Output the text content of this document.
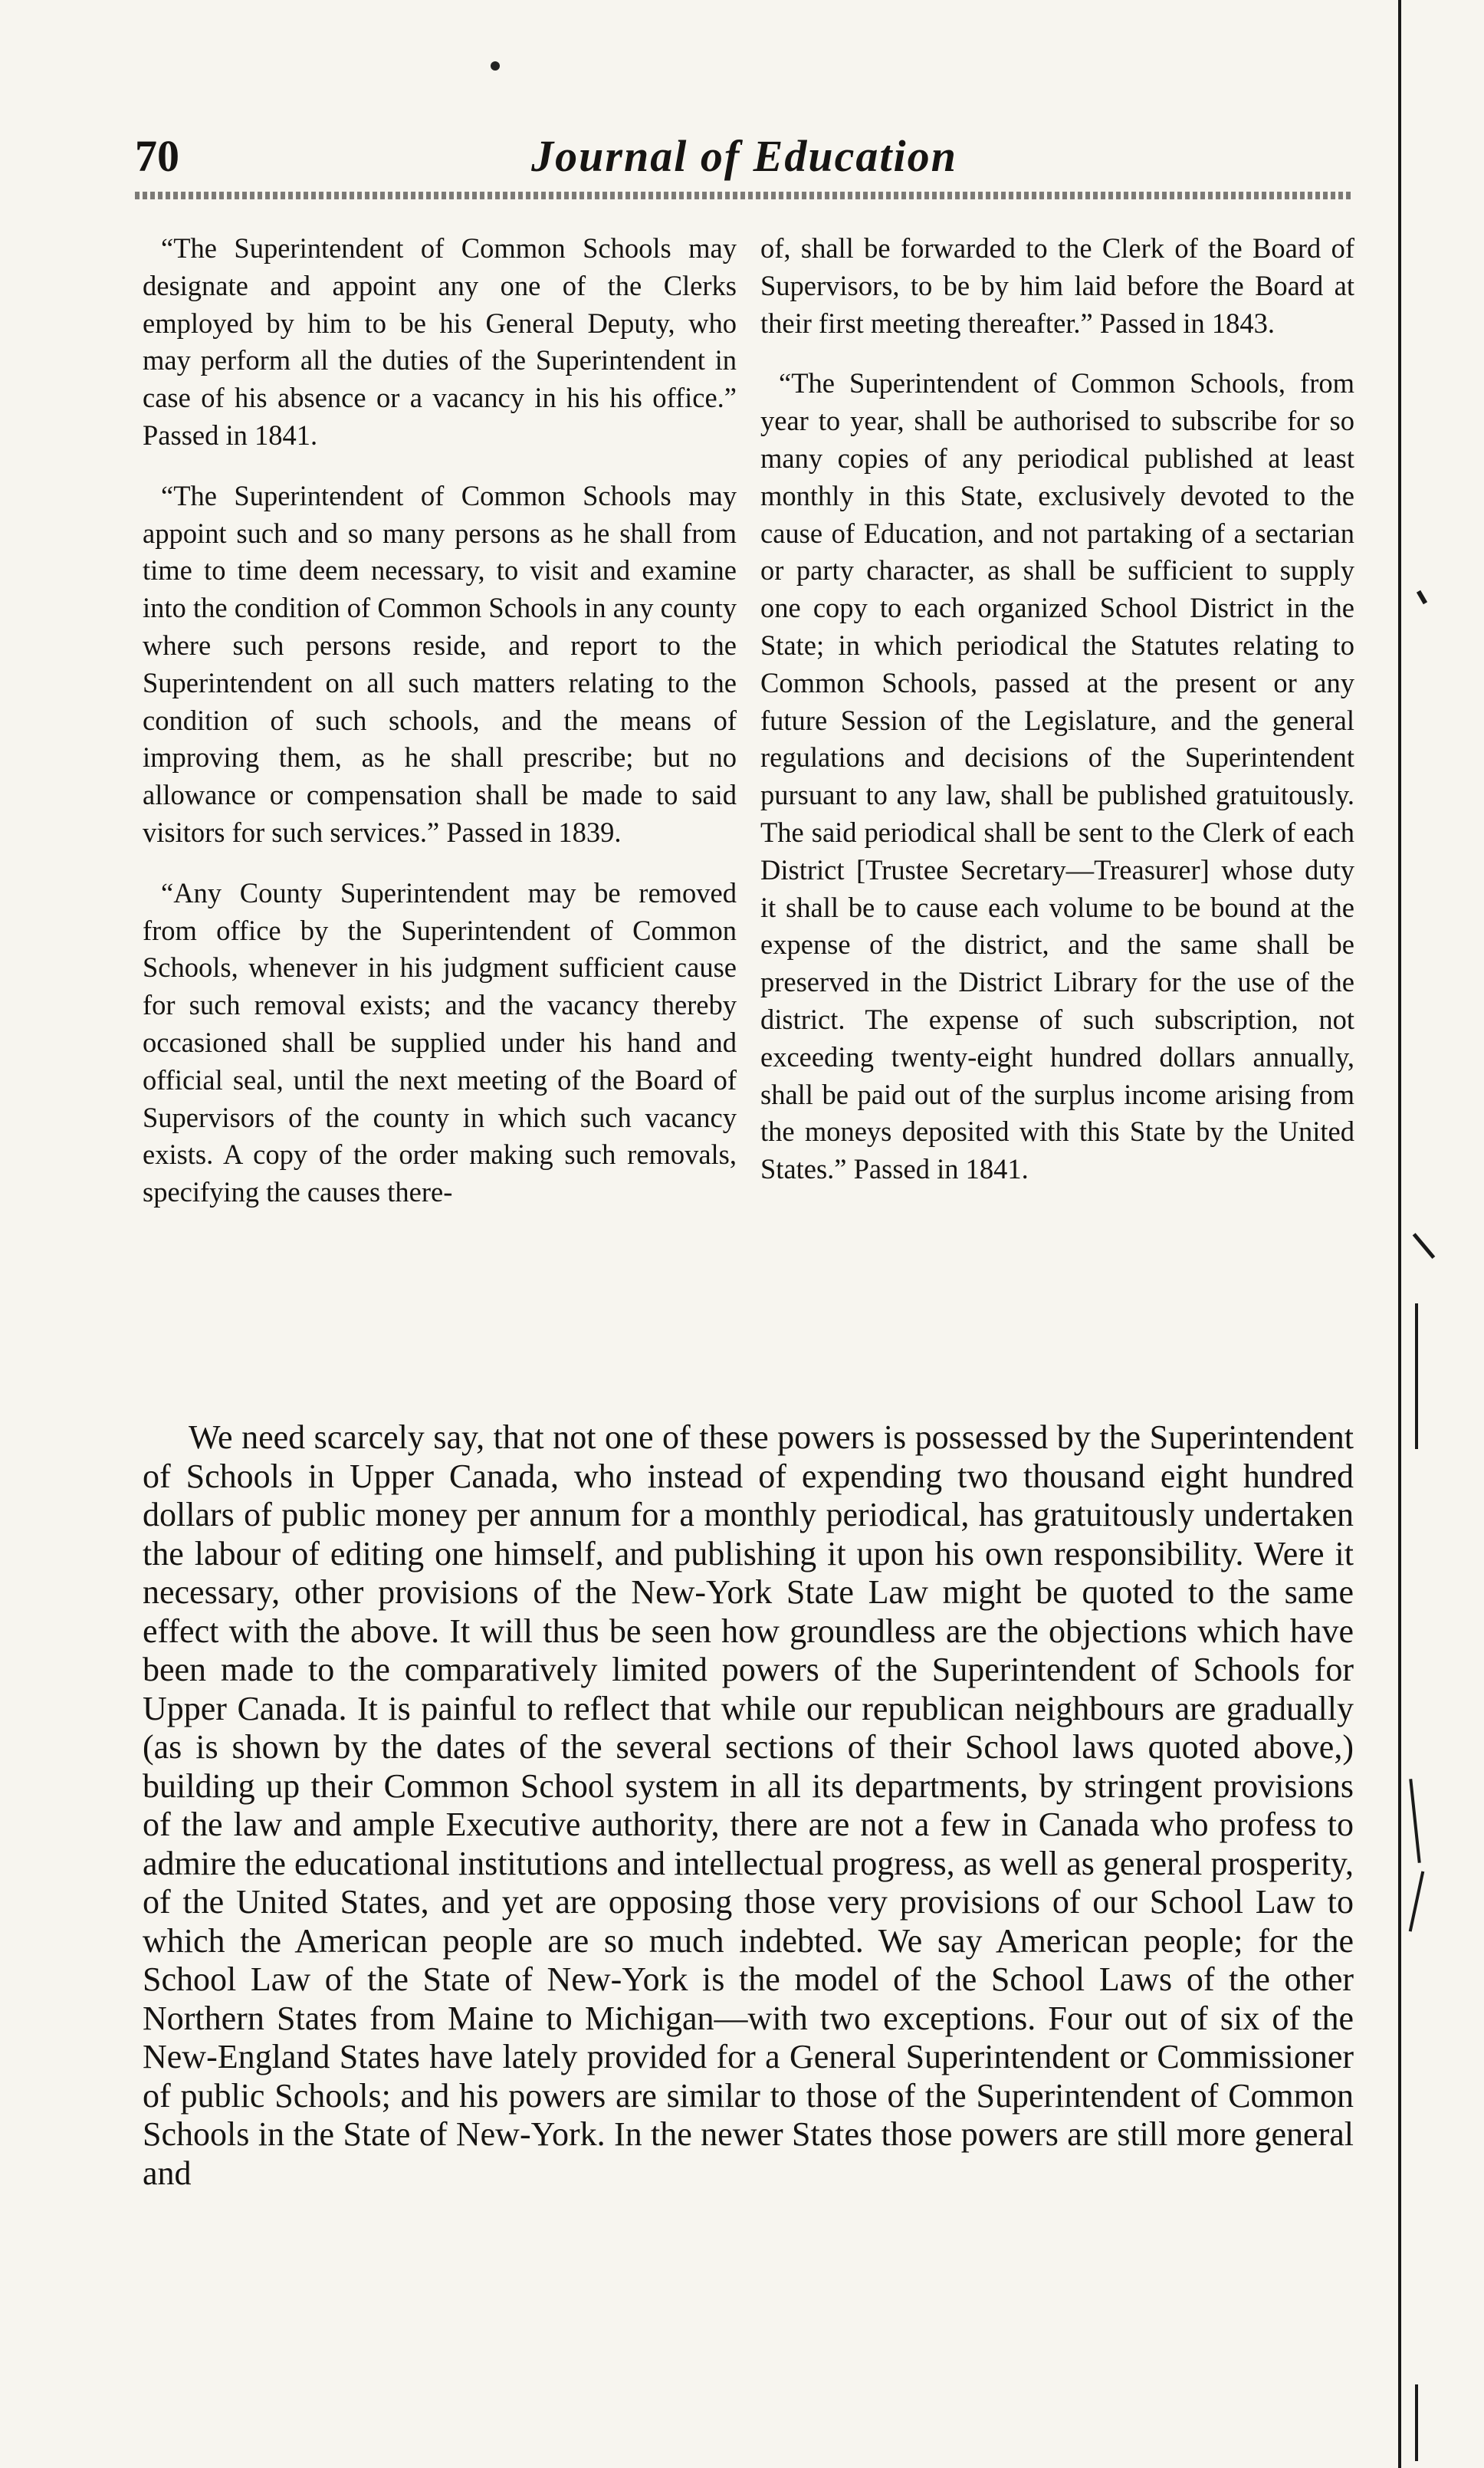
70	Journal of Education

“The Superintendent of Common Schools may designate and appoint any one of the Clerks employed by him to be his General Deputy, who may perform all the duties of the Superintendent in case of his absence or a vacancy in his his office.” Passed in 1841.

“The Superintendent of Common Schools may appoint such and so many persons as he shall from time to time deem necessary, to visit and examine into the condition of Common Schools in any county where such persons reside, and report to the Superintendent on all such matters relating to the condition of such schools, and the means of improving them, as he shall prescribe; but no allowance or compensation shall be made to said visitors for such services.” Passed in 1839.

“Any County Superintendent may be removed from office by the Superintendent of Common Schools, whenever in his judgment sufficient cause for such removal exists; and the vacancy thereby occasioned shall be supplied under his hand and official seal, until the next meeting of the Board of Supervisors of the county in which such vacancy exists. A copy of the order making such removals, specifying the causes there-

of, shall be forwarded to the Clerk of the Board of Supervisors, to be by him laid before the Board at their first meeting thereafter.” Passed in 1843.

“The Superintendent of Common Schools, from year to year, shall be authorised to subscribe for so many copies of any periodical published at least monthly in this State, exclusively devoted to the cause of Education, and not partaking of a sectarian or party character, as shall be sufficient to supply one copy to each organized School District in the State; in which periodical the Statutes relating to Common Schools, passed at the present or any future Session of the Legislature, and the general regulations and decisions of the Superintendent pursuant to any law, shall be published gratuitously. The said periodical shall be sent to the Clerk of each District [Trustee Secretary—Treasurer] whose duty it shall be to cause each volume to be bound at the expense of the district, and the same shall be preserved in the District Library for the use of the district. The expense of such subscription, not exceeding twenty-eight hundred dollars annually, shall be paid out of the surplus income arising from the moneys deposited with this State by the United States.” Passed in 1841.

We need scarcely say, that not one of these powers is possessed by the Superintendent of Schools in Upper Canada, who instead of expending two thousand eight hundred dollars of public money per annum for a monthly periodical, has gratuitously undertaken the labour of editing one himself, and publishing it upon his own responsibility. Were it necessary, other provisions of the New-York State Law might be quoted to the same effect with the above. It will thus be seen how groundless are the objections which have been made to the comparatively limited powers of the Superintendent of Schools for Upper Canada. It is painful to reflect that while our republican neighbours are gradually (as is shown by the dates of the several sections of their School laws quoted above,) building up their Common School system in all its departments, by stringent provisions of the law and ample Executive authority, there are not a few in Canada who profess to admire the educational institutions and intellectual progress, as well as general prosperity, of the United States, and yet are opposing those very provisions of our School Law to which the American people are so much indebted. We say American people; for the School Law of the State of New-York is the model of the School Laws of the other Northern States from Maine to Michigan—with two exceptions. Four out of six of the New-England States have lately provided for a General Superintendent or Commissioner of public Schools; and his powers are similar to those of the Superintendent of Common Schools in the State of New-York. In the newer States those powers are still more general and
